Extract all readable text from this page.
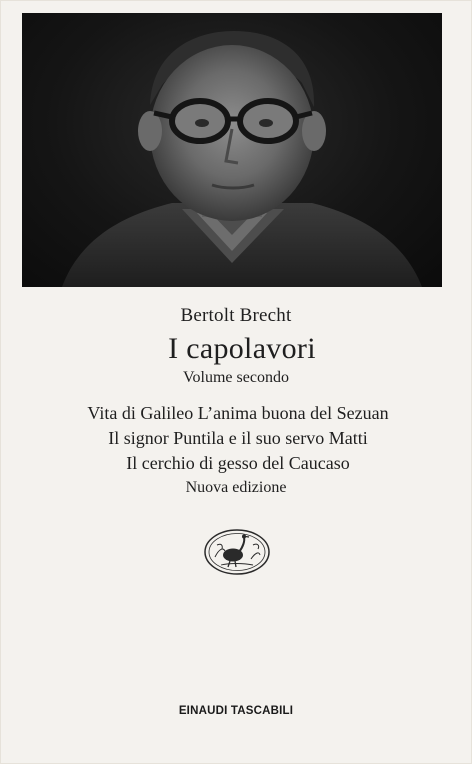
Bertolt Brecht
I capolavori
Volume secondo
Vita di Galileo L’anima buona del Sezuan
Il signor Puntila e il suo servo Matti
Il cerchio di gesso del Caucaso
Nuova edizione
EINAUDI TASCABILI
